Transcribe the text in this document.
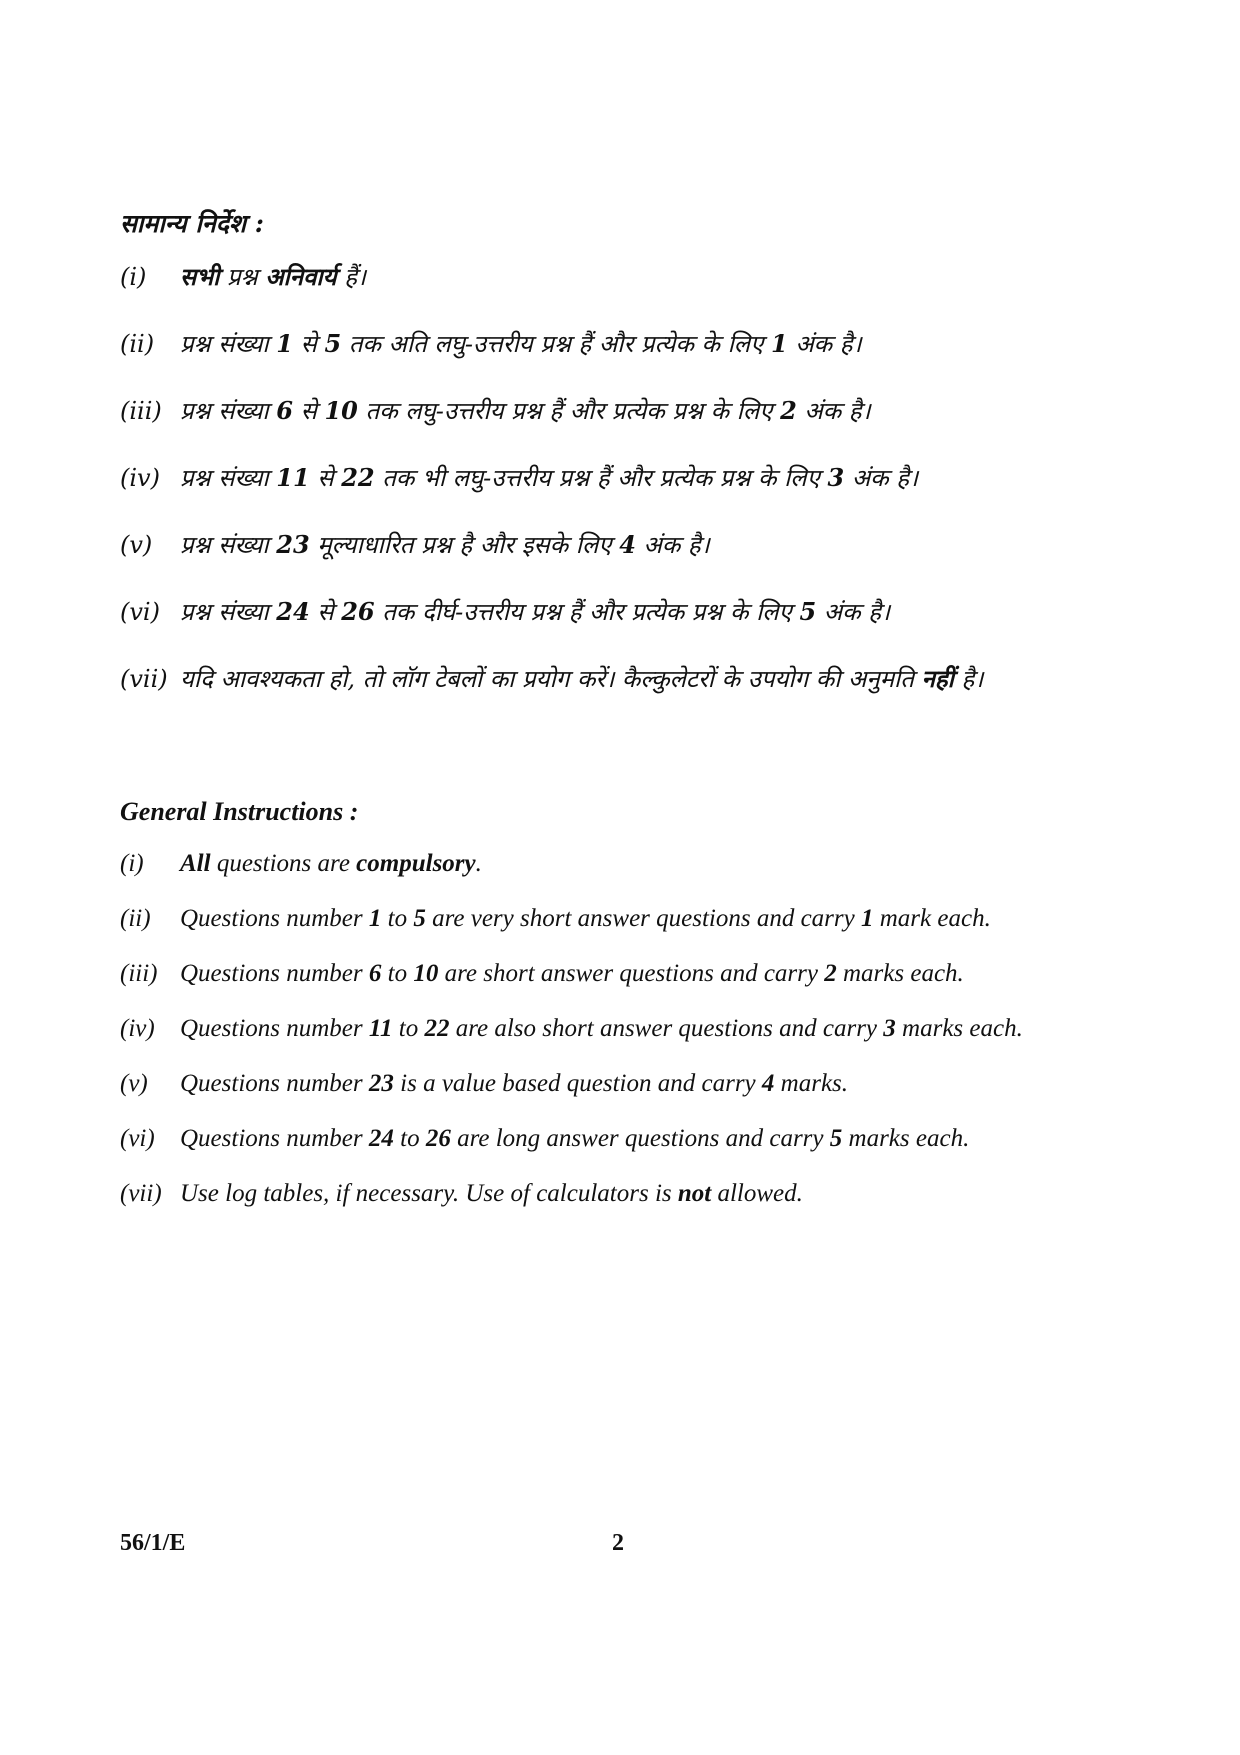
सामान्य निर्देश :
(i)	सभी प्रश्न अनिवार्य हैं।
(ii)	प्रश्न संख्या 1 से 5 तक अति लघु-उत्तरीय प्रश्न हैं और प्रत्येक के लिए 1 अंक है।
(iii) प्रश्न संख्या 6 से 10 तक लघु-उत्तरीय प्रश्न हैं और प्रत्येक प्रश्न के लिए 2 अंक है।
(iv) प्रश्न संख्या 11 से 22 तक भी लघु-उत्तरीय प्रश्न हैं और प्रत्येक प्रश्न के लिए 3 अंक है।
(v)	प्रश्न संख्या 23 मूल्याधारित प्रश्न है और इसके लिए 4 अंक है।
(vi) प्रश्न संख्या 24 से 26 तक दीर्घ-उत्तरीय प्रश्न हैं और प्रत्येक प्रश्न के लिए 5 अंक है।
(vii) यदि आवश्यकता हो, तो लॉग टेबलों का प्रयोग करें। कैल्कुलेटरों के उपयोग की अनुमति नहीं है।
General Instructions :
(i)	All questions are compulsory.
(ii)	Questions number 1 to 5 are very short answer questions and carry 1 mark each.
(iii) Questions number 6 to 10 are short answer questions and carry 2 marks each.
(iv)	Questions number 11 to 22 are also short answer questions and carry 3 marks each.
(v)	Questions number 23 is a value based question and carry 4 marks.
(vi)	Questions number 24 to 26 are long answer questions and carry 5 marks each.
(vii) Use log tables, if necessary. Use of calculators is not allowed.
56/1/E	2
